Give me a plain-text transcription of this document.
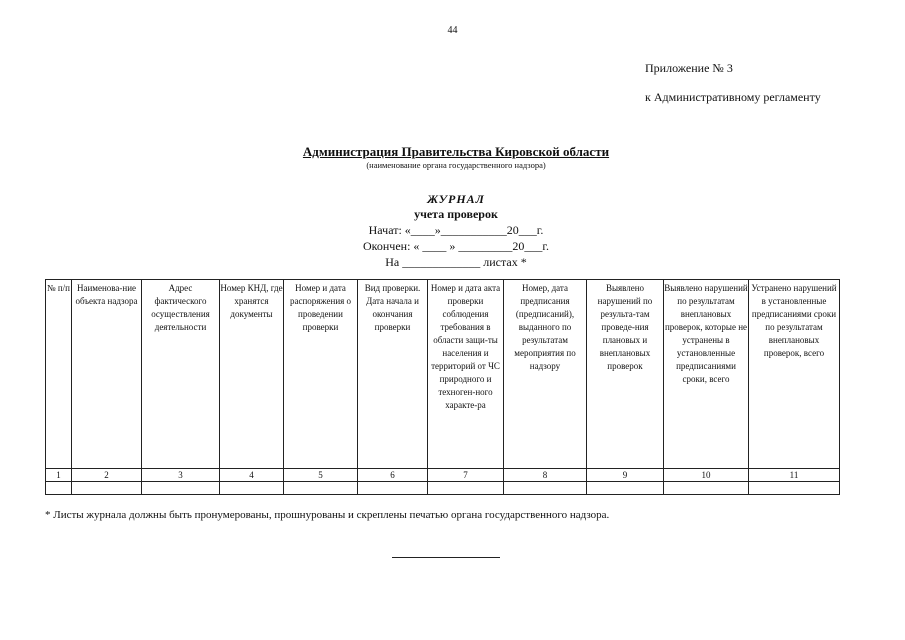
44
Приложение № 3
к Административному регламенту
Администрация Правительства Кировской области
(наименование органа государственного надзора)
ЖУРНАЛ
учета проверок
Начат: «____»___________20___г.
Окончен: « ____ » _________20___г.
На _____________ листах *
№ п/п	Наименова-ние объекта надзора	Адрес фактического осуществления деятельности	Номер КНД, где хранятся документы	Номер и дата распоряжения о проведении проверки	Вид проверки. Дата начала и окончания проверки	Номер и дата акта проверки соблюдения требования в области защи-ты населения и территорий от ЧС природного и техноген-ного характе-ра	Номер, дата предписания (предписаний), выданного по результатам мероприятия по надзору	Выявлено нарушений по результа-там проведе-ния плановых и внеплановых проверок	Выявлено нарушений по результатам внеплановых проверок, которые не устранены в установленные предписаниями сроки, всего	Устранено нарушений в установленные предписаниями сроки по результатам внеплановых проверок, всего
1	2	3	4	5	6	7	8	9	10	11

* Листы журнала должны быть пронумерованы, прошнурованы и скреплены печатью органа государственного надзора.
